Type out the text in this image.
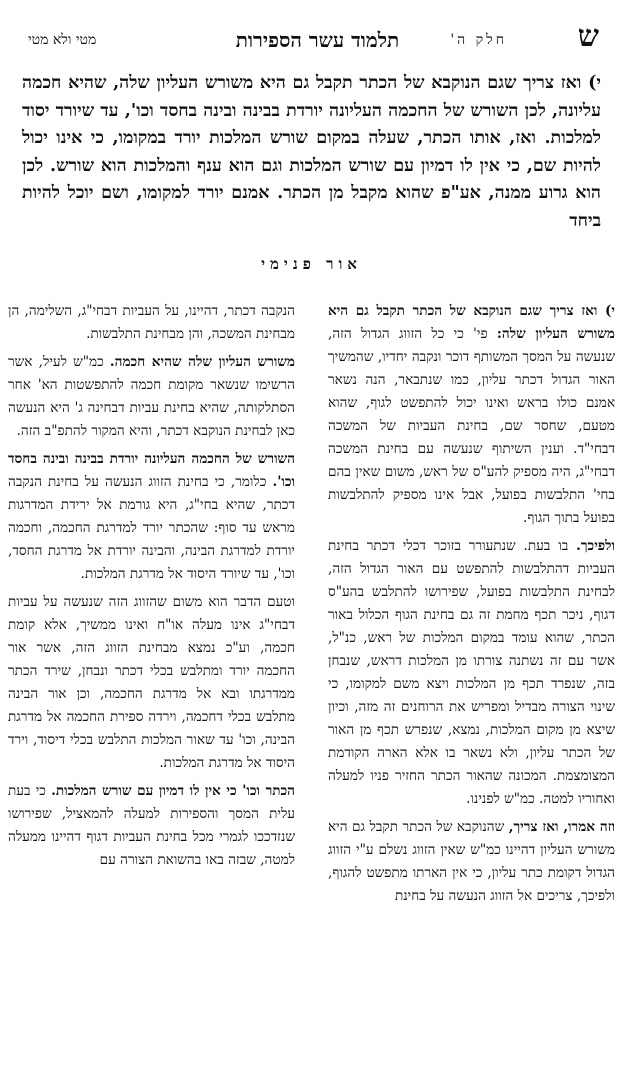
ש
חלק ה'
תלמוד עשר הספירות
מטי ולא מטי

י) ואז צריך שגם הנוקבא של הכתר תקבל גם היא משורש העליון שלה, שהיא חכמה עליונה, לכן השורש של החכמה העליונה יורדת בבינה ובינה בחסד וכו', עד שיורד יסוד למלכות. ואז, אותו הכתר, שעלה במקום שורש המלכות יורד במקומו, כי אינו יכול להיות שם, כי אין לו דמיון עם שורש המלכות וגם הוא ענף והמלכות הוא שורש. לכן הוא גרוע ממנה, אע"פ שהוא מקבל מן הכתר. אמנם יורד למקומו, ושם יוכל להיות ביחד

אור פנימי

י) ואז צריך שגם הנוקבא של הכתר תקבל גם היא משורש העליון שלה: פי' כי כל הזווג הגדול הזה, שנעשה על המסך המשותף דוכר ונקבה יחדיו, שהמשיך האור הגדול דכתר עליון, כמו שנתבאר, הנה נשאר אמנם כולו בראש ואינו יכול להתפשט לגוף, שהוא מטעם, שחסר שם, בחינת העביות של המשכה דבחי"ד. וענין השיתוף שנעשה עם בחינת המשכה דבחי"ג, היה מספיק להע"ס של ראש, משום שאין בהם בחי' התלבשות בפועל, אבל אינו מספיק להתלבשות בפועל בתוך הגוף.

ולפיכך. בו בעת. שנתעורר בזוכר דכלי דכתר בחינת העביות דהתלבשות להתפשט עם האור הגדול הזה, לבחינת התלבשות בפועל, שפירושו להתלבש בהע"ס דגוף, ניכר תכף מחמת זה גם בחינת הגוף הכלול באור הכתר, שהוא עומד במקום המלכות של ראש, כנ"ל, אשר עם זה נשתנה צורתו מן המלכות דראש, שנבחן בזה, שנפרד תכף מן המלכות ויצא משם למקומו, כי שינוי הצורה מבדיל ומפריש את הרוחנים זה מזה, וכיון שיצא מן מקום המלכות, נמצא, שנפרש תכף מן האור של הכתר עליון, ולא נשאר בו אלא הארה הקודמת המצומצמת. המכונה שהאור הכתר החזיר פניו למעלה ואחוריו למטה. כמ"ש לפנינו.

וזה אמרו, ואז צריך, שהנוקבא של הכתר תקבל גם היא משורש העליון דהיינו כמ"ש שאין הזווג נשלם ע"י הזווג הגדול דקומת כתר עליון, כי אין הארתו מתפשט להגוף, ולפיכך, צריכים אל הזווג הנעשה על בחינת

הנקבה דכתר, דהיינו, על העביות דבחי"ג, השלימה, הן מבחינת המשכה, והן מבחינת התלבשות.

משורש העליון שלה שהיא חכמה. כמ"ש לעיל, אשר הרשימו שנשאר מקומת חכמה להתפשטות הא' אחר הסתלקותה, שהיא בחינת עביות דבחינה ג' היא הנעשה כאן לבחינת הנוקבא דכתר, והיא המקור להתפ"ב הזה.

השורש של החכמה העליונה יורדת בבינה ובינה בחסד וכו'. כלומר, כי בחינת הזווג הנעשה על בחינת הנקבה דכתר, שהיא בחי"ג, היא גורמת אל ירידת המדרגות מראש עד סוף: שהכתר יורד למדרגת החכמה, וחכמה יורדת למדרגת הבינה, והבינה יורדת אל מדרגת החסד, וכו', עד שיורד היסוד אל מדרגת המלכות.

וטעם הדבר הוא משום שהזווג הזה שנעשה על עביות דבחי"ג אינו מעלה או"ח ואינו ממשיך, אלא קומת חכמה, וע"כ נמצא מבחינת הזווג הזה, אשר אור החכמה יורד ומתלבש בכלי דכתר ונבחן, שירד הכתר ממדרגתו ובא אל מדרגת החכמה, וכן אור הבינה מתלבש בכלי דחכמה, וירדה ספירת החכמה אל מדרגת הבינה, וכו' עד שאור המלכות התלבש בכלי דיסוד, וירד היסוד אל מדרגת המלכות.

הכתר וכו' כי אין לו דמיון עם שורש המלכות. כי בעת עלית המסך והספירות למעלה להמאציל, שפירושו שנזדככו לגמרי מכל בחינת העביות דגוף דהיינו ממעלה למטה, שבזה באו בהשואת הצורה עם
